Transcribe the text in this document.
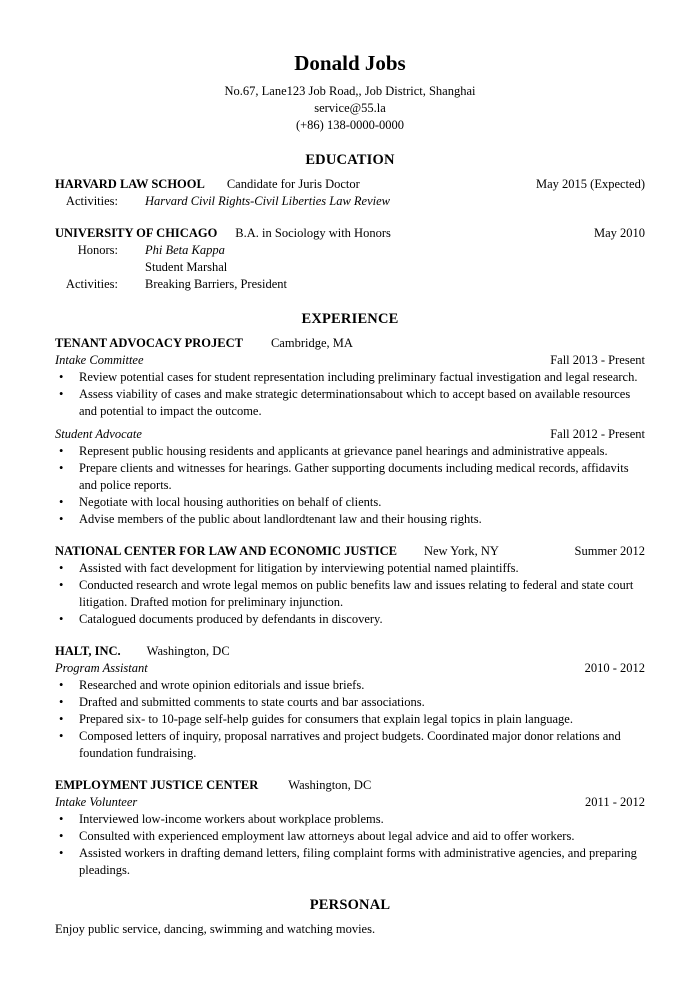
Donald Jobs
No.67, Lane123 Job Road,, Job District, Shanghai
service@55.la
(+86) 138-0000-0000
EDUCATION
HARVARD LAW SCHOOL Candidate for Juris Doctor	May 2015 (Expected)
Activities:	Harvard Civil Rights-Civil Liberties Law Review
UNIVERSITY OF CHICAGO B.A. in Sociology with Honors	May 2010
Honors:	Phi Beta Kappa
Student Marshal
Activities:	Breaking Barriers, President
EXPERIENCE
TENANT ADVOCACY PROJECT Cambridge, MA
Intake Committee	Fall 2013 - Present
• Review potential cases for student representation including preliminary factual investigation and legal research.
• Assess viability of cases and make strategic determinationsabout which to accept based on available resources and potential to impact the outcome.
Student Advocate	Fall 2012 - Present
• Represent public housing residents and applicants at grievance panel hearings and administrative appeals.
• Prepare clients and witnesses for hearings. Gather supporting documents including medical records, affidavits and police reports.
• Negotiate with local housing authorities on behalf of clients.
• Advise members of the public about landlordtenant law and their housing rights.
NATIONAL CENTER FOR LAW AND ECONOMIC JUSTICE New York, NY	Summer 2012
• Assisted with fact development for litigation by interviewing potential named plaintiffs.
• Conducted research and wrote legal memos on public benefits law and issues relating to federal and state court litigation. Drafted motion for preliminary injunction.
• Catalogued documents produced by defendants in discovery.
HALT, INC. Washington, DC
Program Assistant	2010 - 2012
• Researched and wrote opinion editorials and issue briefs.
• Drafted and submitted comments to state courts and bar associations.
• Prepared six- to 10-page self-help guides for consumers that explain legal topics in plain language.
• Composed letters of inquiry, proposal narratives and project budgets. Coordinated major donor relations and foundation fundraising.
EMPLOYMENT JUSTICE CENTER Washington, DC
Intake Volunteer	2011 - 2012
• Interviewed low-income workers about workplace problems.
• Consulted with experienced employment law attorneys about legal advice and aid to offer workers.
• Assisted workers in drafting demand letters, filing complaint forms with administrative agencies, and preparing pleadings.
PERSONAL
Enjoy public service, dancing, swimming and watching movies.
